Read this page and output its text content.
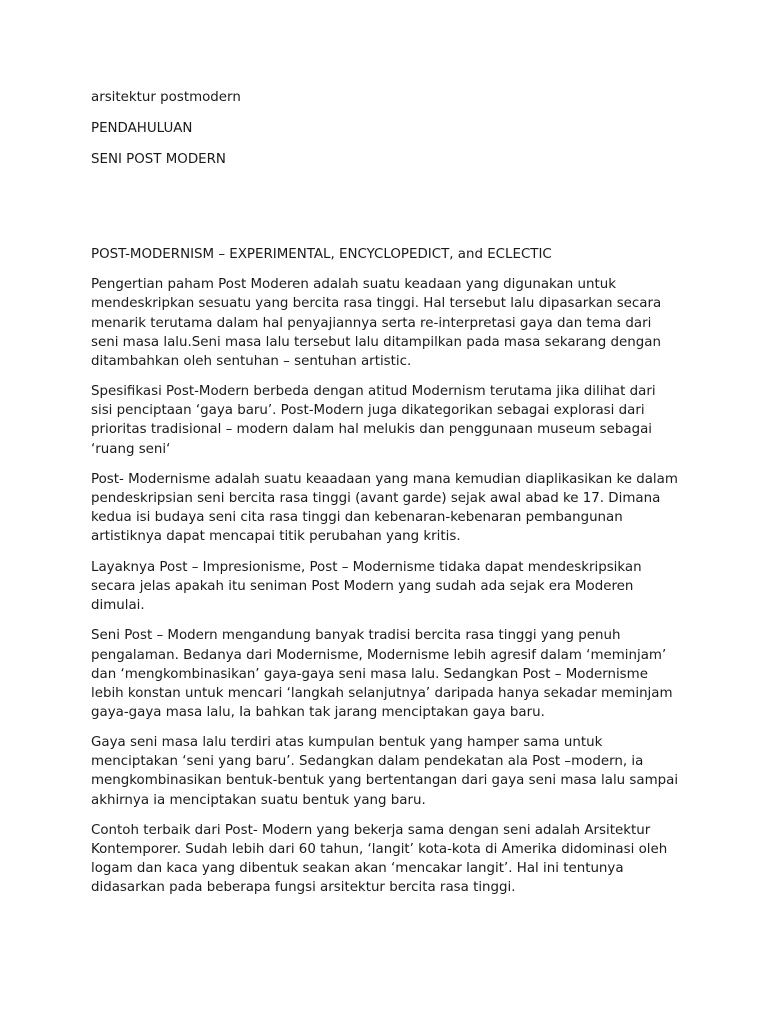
arsitektur postmodern

PENDAHULUAN

SENI POST MODERN

POST-MODERNISM – EXPERIMENTAL, ENCYCLOPEDICT, and ECLECTIC

Pengertian paham Post Moderen adalah suatu keadaan yang digunakan untuk mendeskripkan sesuatu yang bercita rasa tinggi. Hal tersebut lalu dipasarkan secara menarik terutama dalam hal penyajiannya serta re-interpretasi gaya dan tema dari seni masa lalu.Seni masa lalu tersebut lalu ditampilkan pada masa sekarang dengan ditambahkan oleh sentuhan – sentuhan artistic.

Spesifikasi Post-Modern berbeda dengan atitud Modernism terutama jika dilihat dari sisi penciptaan ‘gaya baru’. Post-Modern juga dikategorikan sebagai explorasi dari prioritas tradisional – modern dalam hal melukis dan penggunaan museum sebagai ‘ruang seni‘

Post- Modernisme adalah suatu keaadaan yang mana kemudian diaplikasikan ke dalam pendeskripsian seni bercita rasa tinggi (avant garde) sejak awal abad ke 17. Dimana kedua isi budaya seni cita rasa tinggi dan kebenaran-kebenaran pembangunan artistiknya dapat mencapai titik perubahan yang kritis.

Layaknya Post – Impresionisme, Post – Modernisme tidaka dapat mendeskripsikan secara jelas apakah itu seniman Post Modern yang sudah ada sejak era Moderen dimulai.

Seni Post – Modern mengandung banyak tradisi bercita rasa tinggi yang penuh pengalaman. Bedanya dari Modernisme, Modernisme lebih agresif dalam ‘meminjam’ dan ‘mengkombinasikan’ gaya-gaya seni masa lalu. Sedangkan Post – Modernisme lebih konstan untuk mencari ‘langkah selanjutnya’ daripada hanya sekadar meminjam gaya-gaya masa lalu, Ia bahkan tak jarang menciptakan gaya baru.

Gaya seni masa lalu terdiri atas kumpulan bentuk yang hamper sama untuk menciptakan ‘seni yang baru’. Sedangkan dalam pendekatan ala Post –modern, ia mengkombinasikan bentuk-bentuk yang bertentangan dari gaya seni masa lalu sampai akhirnya ia menciptakan suatu bentuk yang baru.

Contoh terbaik dari Post- Modern yang bekerja sama dengan seni adalah Arsitektur Kontemporer. Sudah lebih dari 60 tahun, ‘langit’ kota-kota di Amerika didominasi oleh logam dan kaca yang dibentuk seakan akan ‘mencakar langit’. Hal ini tentunya didasarkan pada beberapa fungsi arsitektur bercita rasa tinggi.
